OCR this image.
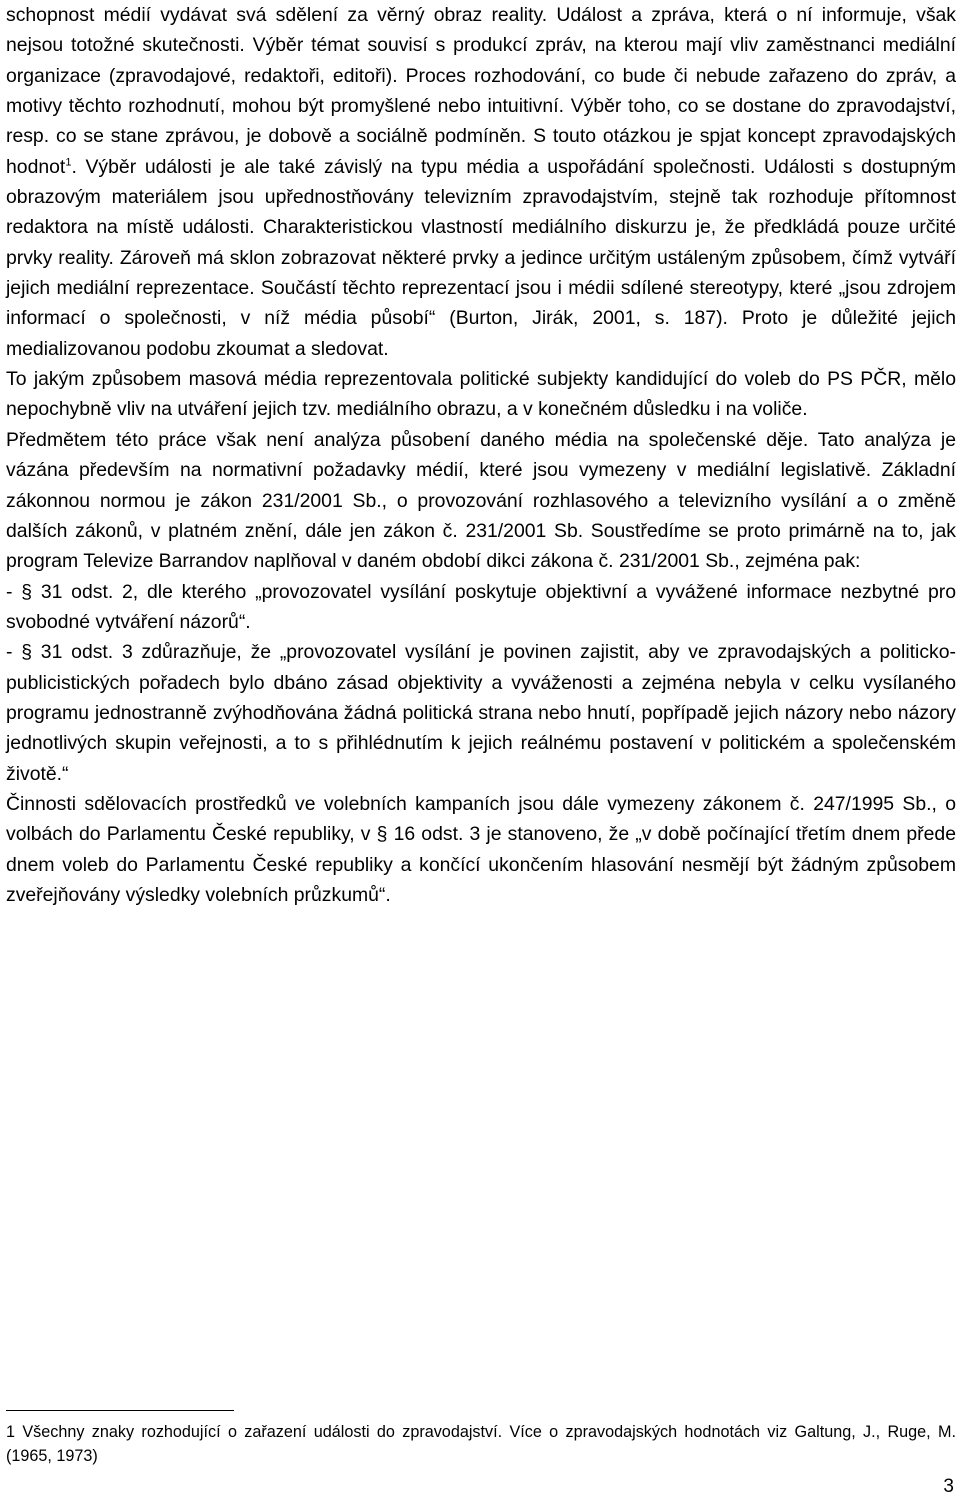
schopnost médií vydávat svá sdělení za věrný obraz reality. Událost a zpráva, která o ní informuje, však nejsou totožné skutečnosti. Výběr témat souvisí s produkcí zpráv, na kterou mají vliv zaměstnanci mediální organizace (zpravodajové, redaktoři, editoři). Proces rozhodování, co bude či nebude zařazeno do zpráv, a motivy těchto rozhodnutí, mohou být promyšlené nebo intuitivní. Výběr toho, co se dostane do zpravodajství, resp. co se stane zprávou, je dobově a sociálně podmíněn. S touto otázkou je spjat koncept zpravodajských hodnot$^1$. Výběr události je ale také závislý na typu média a uspořádání společnosti. Události s dostupným obrazovým materiálem jsou upřednostňovány televizním zpravodajstvím, stejně tak rozhoduje přítomnost redaktora na místě události. Charakteristickou vlastností mediálního diskurzu je, že předkládá pouze určité prvky reality. Zároveň má sklon zobrazovat některé prvky a jedince určitým ustáleným způsobem, čímž vytváří jejich mediální reprezentace. Součástí těchto reprezentací jsou i médii sdílené stereotypy, které „jsou zdrojem informací o společnosti, v níž média působí“ (Burton, Jirák, 2001, s. 187). Proto je důležité jejich medializovanou podobu zkoumat a sledovat.

To jakým způsobem masová média reprezentovala politické subjekty kandidující do voleb do PS PČR, mělo nepochybně vliv na utváření jejich tzv. mediálního obrazu, a v konečném důsledku i na voliče.

Předmětem této práce však není analýza působení daného média na společenské děje. Tato analýza je vázána především na normativní požadavky médií, které jsou vymezeny v mediální legislativě. Základní zákonnou normou je zákon 231/2001 Sb., o provozování rozhlasového a televizního vysílání a o změně dalších zákonů, v platném znění, dále jen zákon č. 231/2001 Sb. Soustředíme se proto primárně na to, jak program Televize Barrandov naplňoval v daném období dikci zákona č. 231/2001 Sb., zejména pak:

- § 31 odst. 2, dle kterého „provozovatel vysílání poskytuje objektivní a vyvážené informace nezbytné pro svobodné vytváření názorů“.

- § 31 odst. 3 zdůrazňuje, že „provozovatel vysílání je povinen zajistit, aby ve zpravodajských a politicko-publicistických pořadech bylo dbáno zásad objektivity a vyváženosti a zejména nebyla v celku vysílaného programu jednostranně zvýhodňována žádná politická strana nebo hnutí, popřípadě jejich názory nebo názory jednotlivých skupin veřejnosti, a to s přihlédnutím k jejich reálnému postavení v politickém a společenském životě.“

Činnosti sdělovacích prostředků ve volebních kampaních jsou dále vymezeny zákonem č. 247/1995 Sb., o volbách do Parlamentu České republiky, v § 16 odst. 3 je stanoveno, že „v době počínající třetím dnem přede dnem voleb do Parlamentu České republiky a končící ukončením hlasování nesmějí být žádným způsobem zveřejňovány výsledky volebních průzkumů“.

1 Všechny znaky rozhodující o zařazení události do zpravodajství. Více o zpravodajských hodnotách viz Galtung, J., Ruge, M. (1965, 1973)

3
